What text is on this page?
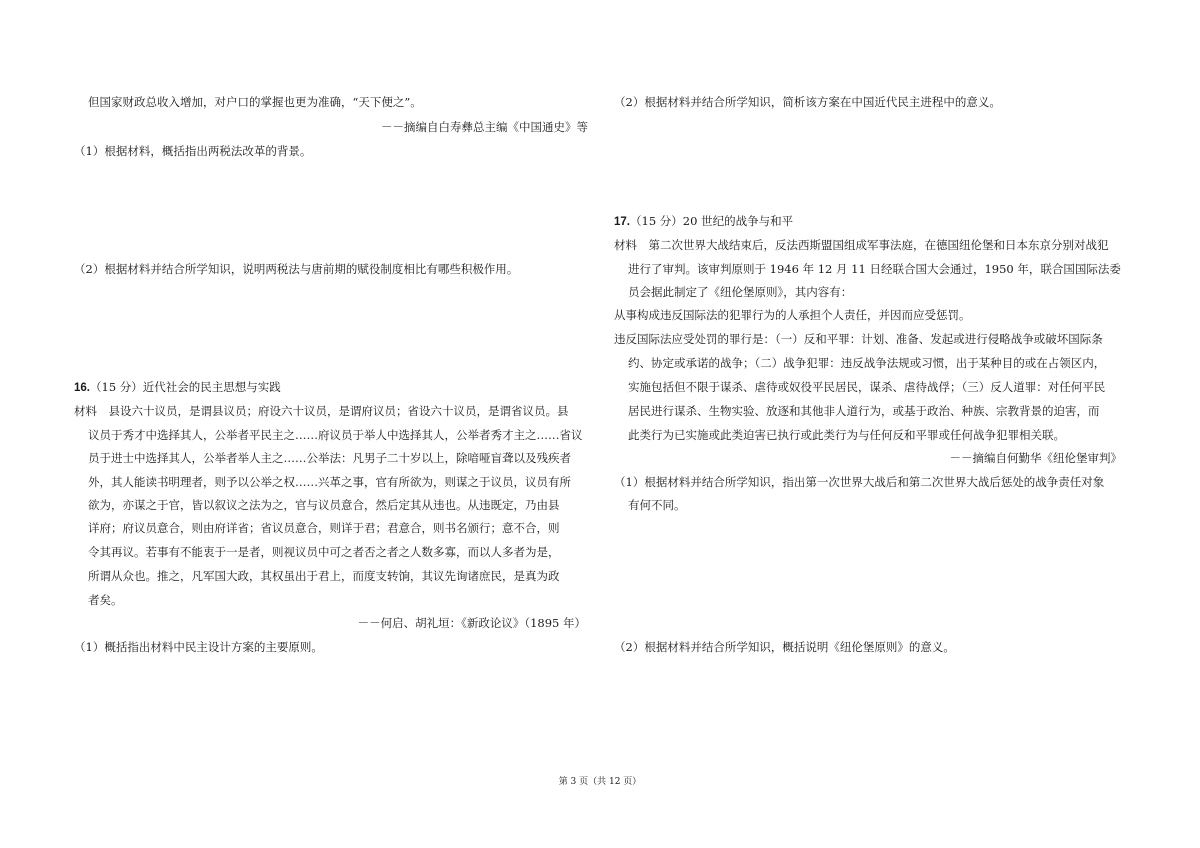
但国家财政总收入增加，对户口的掌握也更为准确，“天下便之”。
－－摘编自白寿彝总主编《中国通史》等
（1）根据材料，概括指出两税法改革的背景。
（2）根据材料并结合所学知识，说明两税法与唐前期的赋役制度相比有哪些积极作用。
16.（15 分）近代社会的民主思想与实践
材料　县设六十议员，是谓县议员；府设六十议员，是谓府议员；省设六十议员，是谓省议员。县
议员于秀才中选择其人，公举者平民主之……府议员于举人中选择其人，公举者秀才主之……省议
员于进士中选择其人，公举者举人主之……公举法：凡男子二十岁以上，除喑哑盲聋以及残疾者
外，其人能读书明理者，则予以公举之权……兴革之事，官有所欲为，则谋之于议员，议员有所
欲为，亦谋之于官，皆以叙议之法为之，官与议员意合，然后定其从违也。从违既定，乃由县
详府；府议员意合，则由府详省；省议员意合，则详于君；君意合，则书名颁行；意不合，则
令其再议。若事有不能衷于一是者，则视议员中可之者否之者之人数多寡，而以人多者为是，
所谓从众也。推之，凡军国大政，其权虽出于君上，而度支转饷，其议先询诸庶民，是真为政
者矣。
－－何启、胡礼垣：《新政论议》（1895 年）
（1）概括指出材料中民主设计方案的主要原则。
（2）根据材料并结合所学知识，简析该方案在中国近代民主进程中的意义。
17.（15 分）20 世纪的战争与和平
材料　第二次世界大战结束后，反法西斯盟国组成军事法庭，在德国纽伦堡和日本东京分别对战犯
进行了审判。该审判原则于 1946 年 12 月 11 日经联合国大会通过，1950 年，联合国国际法委
员会据此制定了《纽伦堡原则》，其内容有：
从事构成违反国际法的犯罪行为的人承担个人责任，并因而应受惩罚。
违反国际法应受处罚的罪行是：（一）反和平罪：计划、准备、发起或进行侵略战争或破坏国际条
约、协定或承诺的战争；（二）战争犯罪：违反战争法规或习惯，出于某种目的或在占领区内，
实施包括但不限于谋杀、虐待或奴役平民居民，谋杀、虐待战俘；（三）反人道罪：对任何平民
居民进行谋杀、生物实验、放逐和其他非人道行为，或基于政治、种族、宗教背景的迫害，而
此类行为已实施或此类迫害已执行或此类行为与任何反和平罪或任何战争犯罪相关联。
－－摘编自何勤华《纽伦堡审判》
（1）根据材料并结合所学知识，指出第一次世界大战后和第二次世界大战后惩处的战争责任对象
有何不同。
（2）根据材料并结合所学知识，概括说明《纽伦堡原则》的意义。
第 3 页（共 12 页）
